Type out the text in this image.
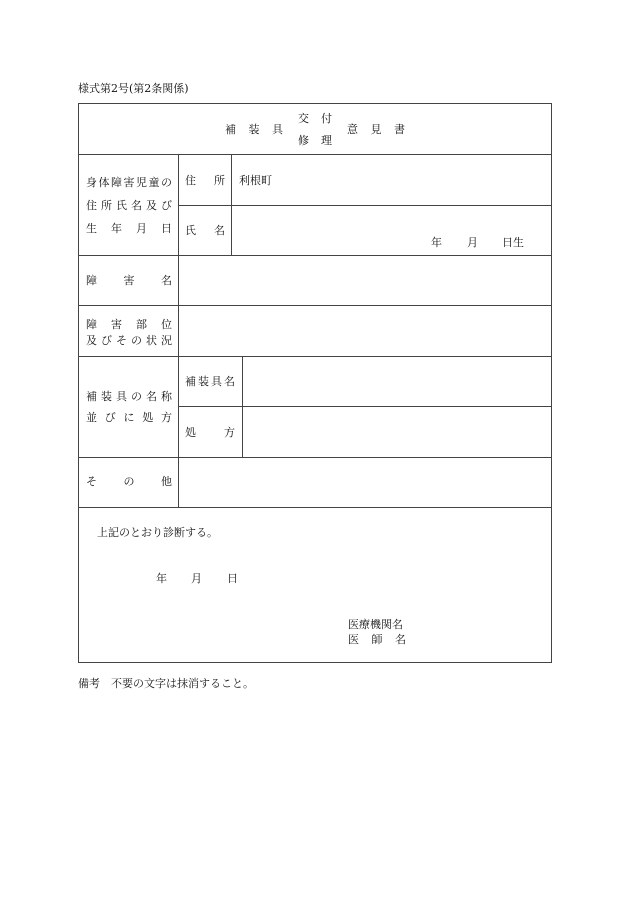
様式第2号(第2条関係)
補 装 具
交 付
修 理
意 見 書
身 体 障 害 児 童 の
住 所 氏 名 及 び
生 年 月 日
住 所 利根町
氏 名
年 月 日生
障 害 名
障 害 部 位
及 び そ の 状 況
補 装 具 の 名 称
並 び に 処 方
補 装 具 名
処	方
そ の 他
上記のとおり診断する。
年 月 日
医療機関名
医 師 名
備考　不要の文字は抹消すること。
